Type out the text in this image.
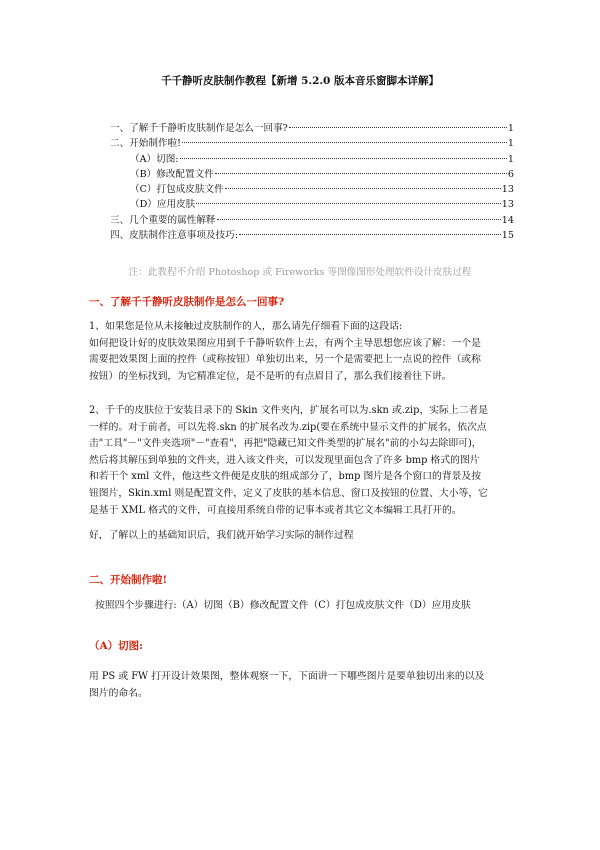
千千静听皮肤制作教程【新增 5.2.0 版本音乐窗脚本详解】
一、了解千千静听皮肤制作是怎么一回事?	1
二、开始制作啦!	1
（A）切图:	1
（B）修改配置文件	6
（C）打包成皮肤文件	13
（D）应用皮肤	13
三、几个重要的属性解释	14
四、皮肤制作注意事项及技巧:	15
注：此教程不介绍 Photoshop 或 Fireworks 等图像图形处理软件设计皮肤过程
一、了解千千静听皮肤制作是怎么一回事?
1、如果您是位从未接触过皮肤制作的人，那么请先仔细看下面的这段话:
如何把设计好的皮肤效果图应用到千千静听软件上去，有两个主导思想您应该了解：一个是
需要把效果图上面的控件（或称按钮）单独切出来，另一个是需要把上一点说的控件（或称
按钮）的坐标找到，为它精准定位，是不是听的有点眉目了，那么我们接着往下讲。
2、千千的皮肤位于安装目录下的 Skin 文件夹内，扩展名可以为.skn 或.zip，实际上二者是
一样的。对于前者，可以先将.skn 的扩展名改为.zip(要在系统中显示文件的扩展名，依次点
击"工具"－"文件夹选项"－"查看"，再把"隐藏已知文件类型的扩展名"前的小勾去除即可)，
然后将其解压到单独的文件夹，进入该文件夹，可以发现里面包含了许多 bmp 格式的图片
和若干个 xml 文件，他这些文件便是皮肤的组成部分了，bmp 图片是各个窗口的背景及按
钮图片，Skin.xml 则是配置文件，定义了皮肤的基本信息、窗口及按钮的位置、大小等，它
是基于 XML 格式的文件，可直接用系统自带的记事本或者其它文本编辑工具打开的。
好，了解以上的基础知识后，我们就开始学习实际的制作过程
二、开始制作啦!
按照四个步骤进行:（A）切图（B）修改配置文件（C）打包成皮肤文件（D）应用皮肤
（A）切图:
用 PS 或 FW 打开设计效果图，整体观察一下，下面讲一下哪些图片是要单独切出来的以及
图片的命名。
